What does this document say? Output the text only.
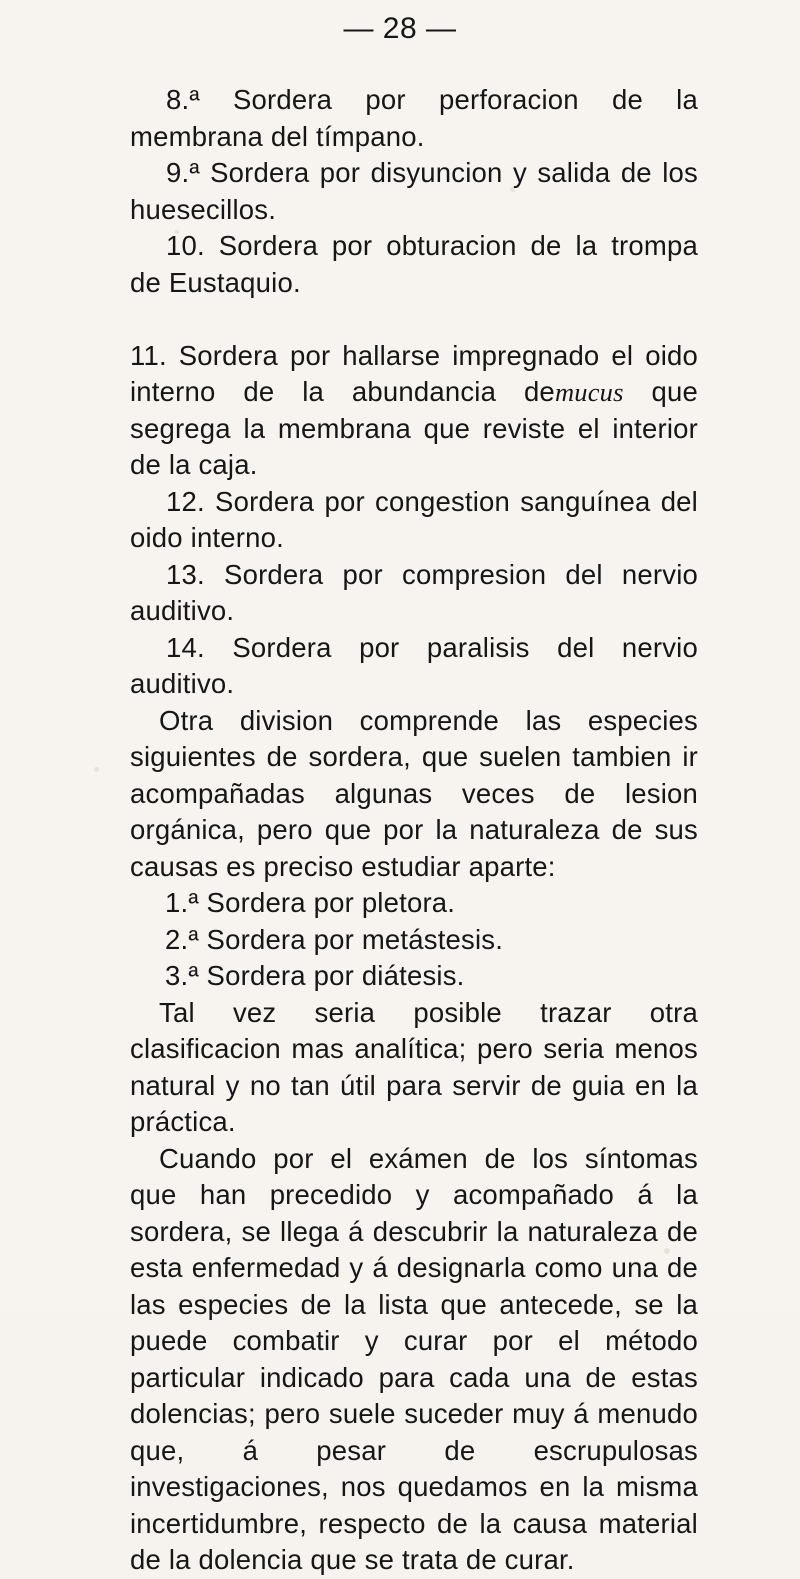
— 28 —

8.ª Sordera por perforacion de la membrana del tímpano.

9.ª Sordera por disyuncion y salida de los huesecillos.

10. Sordera por obturacion de la trompa de Eustaquio.

11. Sordera por hallarse impregnado el oido interno de la abundancia demucus que segrega la membrana que reviste el interior de la caja.

12. Sordera por congestion sanguínea del oido interno.

13. Sordera por compresion del nervio auditivo.

14. Sordera por paralisis del nervio auditivo.

Otra division comprende las especies siguientes de sordera, que suelen tambien ir acompañadas algunas veces de lesion orgánica, pero que por la naturaleza de sus causas es preciso estudiar aparte:

1.ª Sordera por pletora.

2.ª Sordera por metástesis.

3.ª Sordera por diátesis.

Tal vez seria posible trazar otra clasificacion mas analítica; pero seria menos natural y no tan útil para servir de guia en la práctica.

Cuando por el exámen de los síntomas que han precedido y acompañado á la sordera, se llega á descubrir la naturaleza de esta enfermedad y á designarla como una de las especies de la lista que antecede, se la puede combatir y curar por el método particular indicado para cada una de estas dolencias; pero suele suceder muy á menudo que, á pesar de escrupulosas investigaciones, nos quedamos en la misma incertidumbre, respecto de la causa material de la dolencia que se trata de curar.
